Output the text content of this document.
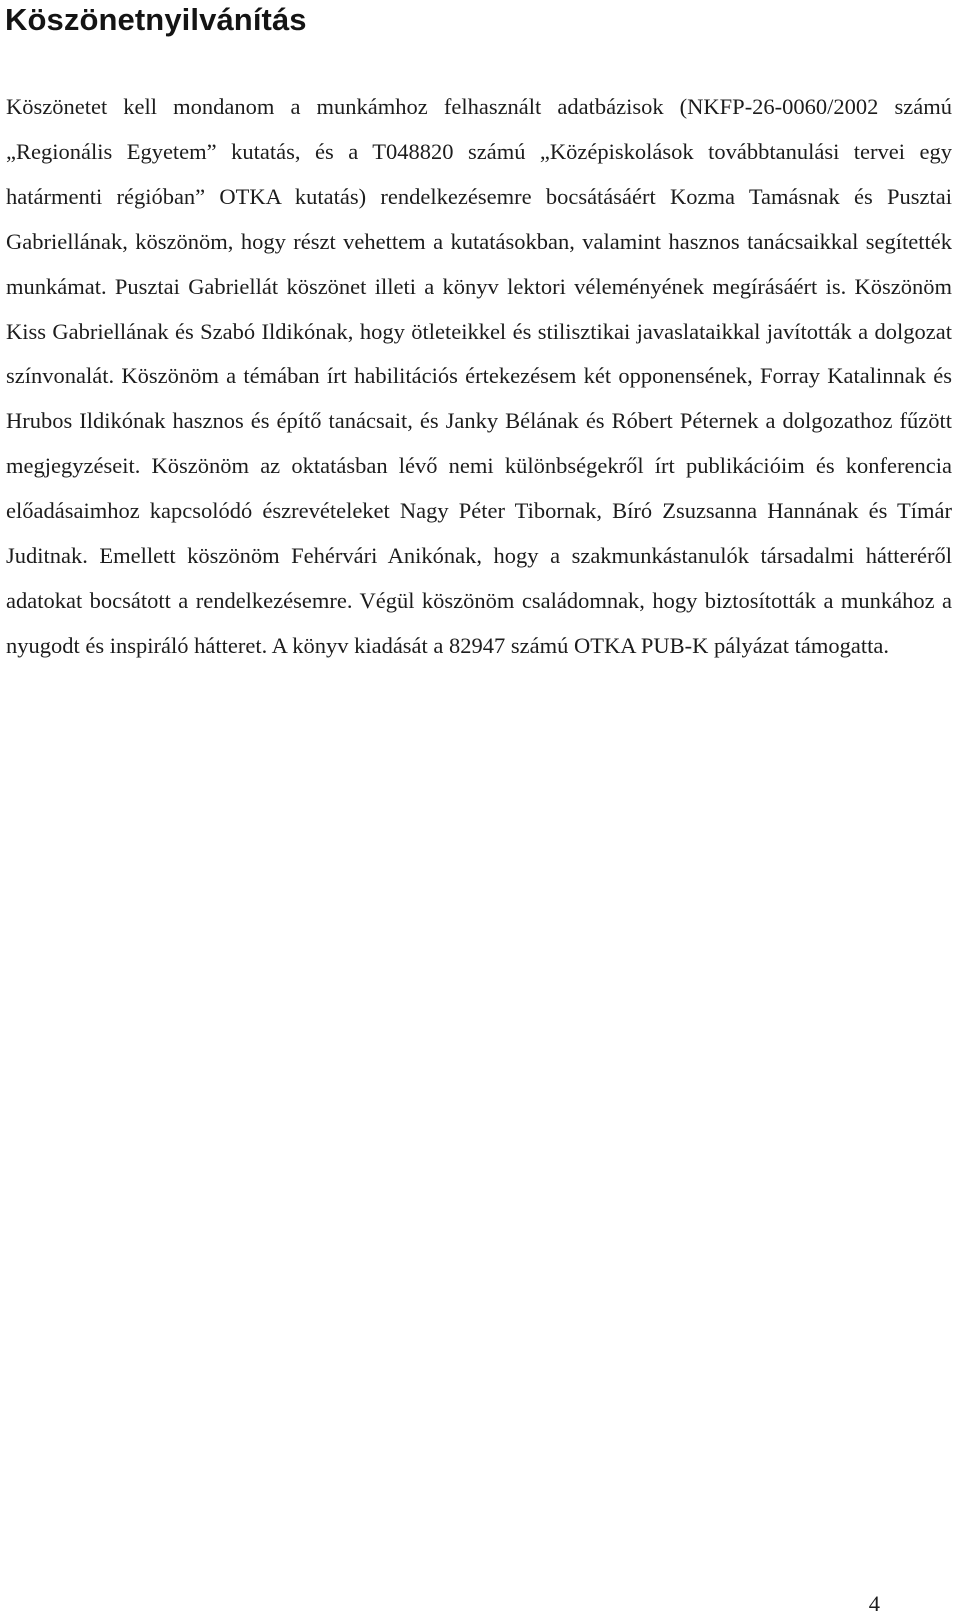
Köszönetnyilvánítás

Köszönetet kell mondanom a munkámhoz felhasznált adatbázisok (NKFP-26-0060/2002 számú „Regionális Egyetem” kutatás, és a T048820 számú „Középiskolások továbbtanulási tervei egy határmenti régióban” OTKA kutatás) rendelkezésemre bocsátásáért Kozma Tamásnak és Pusztai Gabriellának, köszönöm, hogy részt vehettem a kutatásokban, valamint hasznos tanácsaikkal segítették munkámat. Pusztai Gabriellát köszönet illeti a könyv lektori véleményének megírásáért is. Köszönöm Kiss Gabriellának és Szabó Ildikónak, hogy ötleteikkel és stilisztikai javaslataikkal javították a dolgozat színvonalát. Köszönöm a témában írt habilitációs értekezésem két opponensének, Forray Katalinnak és Hrubos Ildikónak hasznos és építő tanácsait, és Janky Bélának és Róbert Péternek a dolgozathoz fűzött megjegyzéseit. Köszönöm az oktatásban lévő nemi különbségekről írt publikációim és konferencia előadásaimhoz kapcsolódó észrevételeket Nagy Péter Tibornak, Bíró Zsuzsanna Hannának és Tímár Juditnak. Emellett köszönöm Fehérvári Anikónak, hogy a szakmunkástanulók társadalmi hátteréről adatokat bocsátott a rendelkezésemre. Végül köszönöm családomnak, hogy biztosították a munkához a nyugodt és inspiráló hátteret. A könyv kiadását a 82947 számú OTKA PUB-K pályázat támogatta.

4
